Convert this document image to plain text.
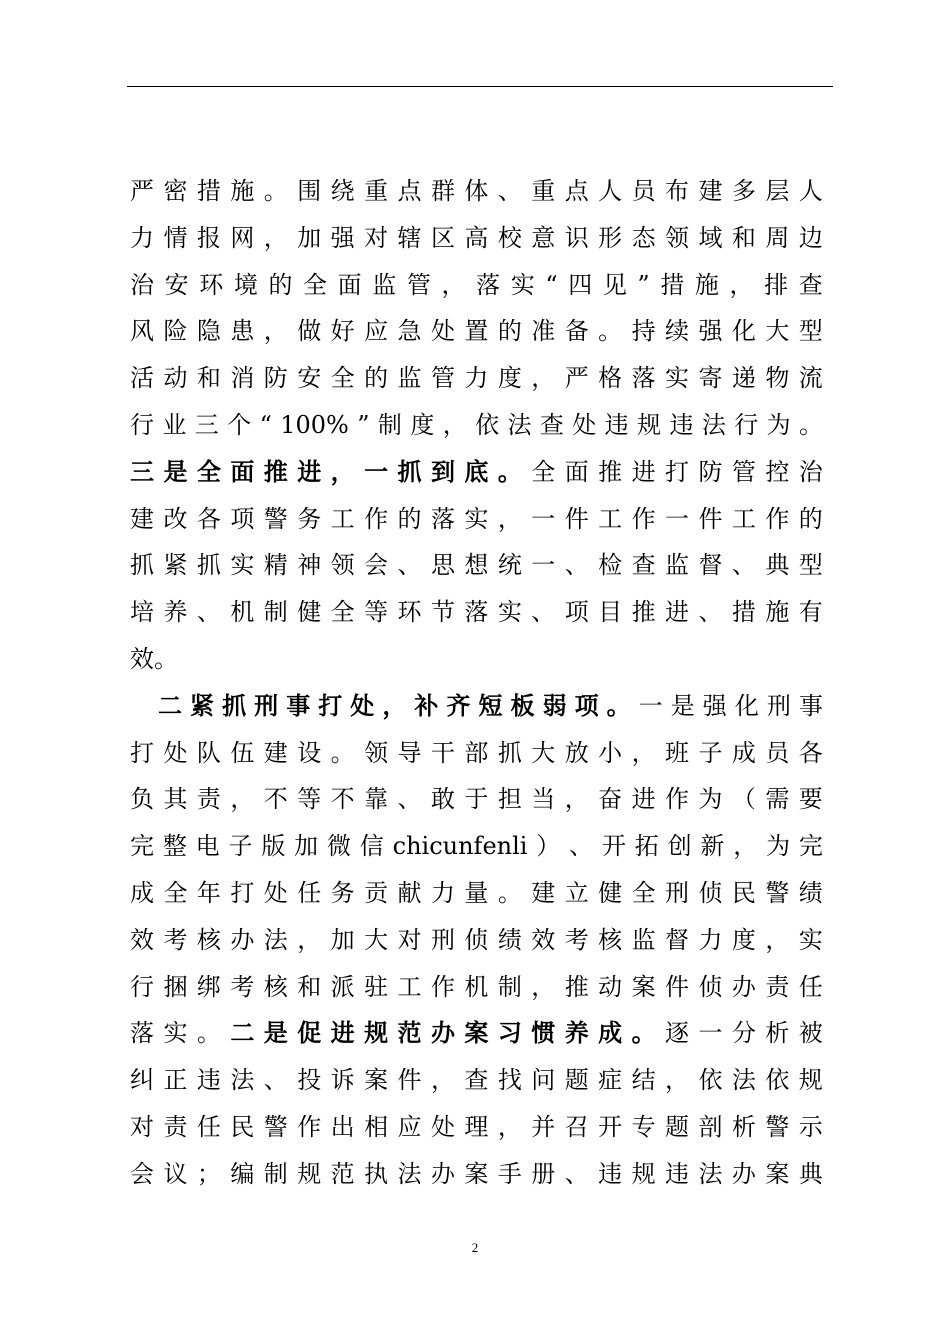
严 密 措 施 。 围 绕 重 点 群 体 、 重 点 人 员 布 建 多 层 人
力 情 报 网 ， 加 强 对 辖 区 高 校 意 识 形 态 领 域 和 周 边
治 安 环 境 的 全 面 监 管 ， 落 实 “ 四 见 ” 措 施 ， 排 查
风 险 隐 患 ， 做 好 应 急 处 置 的 准 备 。 持 续 强 化 大 型
活 动 和 消 防 安 全 的 监 管 力 度 ， 严 格 落 实 寄 递 物 流
行 业 三 个 “ 100% ” 制 度 ， 依 法 查 处 违 规 违 法 行 为 。
三 是 全 面 推 进 ， 一 抓 到 底 。 全 面 推 进 打 防 管 控 治
建 改 各 项 警 务 工 作 的 落 实 ， 一 件 工 作 一 件 工 作 的
抓 紧 抓 实 精 神 领 会 、 思 想 统 一 、 检 查 监 督 、 典 型
培 养 、 机 制 健 全 等 环 节 落 实 、 项 目 推 进 、 措 施 有
效 。
二 紧 抓 刑 事 打 处 ， 补 齐 短 板 弱 项 。 一 是 强 化 刑 事
打 处 队 伍 建 设 。 领 导 干 部 抓 大 放 小 ， 班 子 成 员 各
负 其 责 ， 不 等 不 靠 、 敢 于 担 当 ， 奋 进 作 为 （ 需 要
完 整 电 子 版 加 微 信 chicunfenli ） 、 开 拓 创 新 ， 为 完
成 全 年 打 处 任 务 贡 献 力 量 。 建 立 健 全 刑 侦 民 警 绩
效 考 核 办 法 ， 加 大 对 刑 侦 绩 效 考 核 监 督 力 度 ， 实
行 捆 绑 考 核 和 派 驻 工 作 机 制 ， 推 动 案 件 侦 办 责 任
落 实 。 二 是 促 进 规 范 办 案 习 惯 养 成 。 逐 一 分 析 被
纠 正 违 法 、 投 诉 案 件 ， 查 找 问 题 症 结 ， 依 法 依 规
对 责 任 民 警 作 出 相 应 处 理 ， 并 召 开 专 题 剖 析 警 示
会 议 ； 编 制 规 范 执 法 办 案 手 册 、 违 规 违 法 办 案 典
2
